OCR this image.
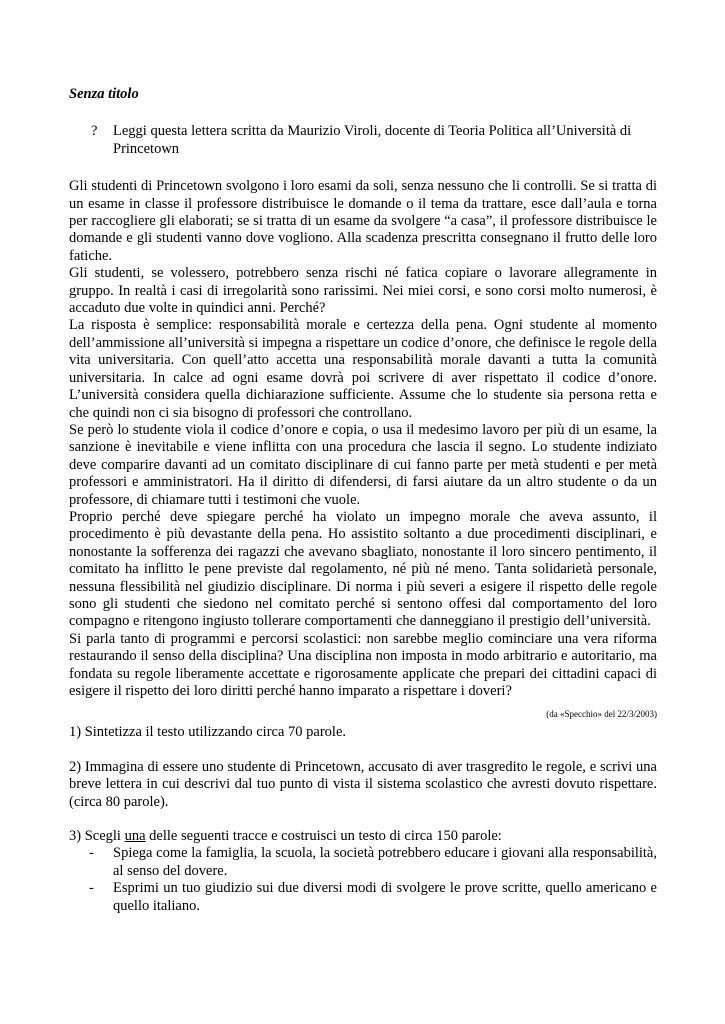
Senza titolo
?	Leggi questa lettera scritta da Maurizio Viroli, docente di Teoria Politica all’Università di Princetown

Gli studenti di Princetown svolgono i loro esami da soli, senza nessuno che li controlli. Se si tratta di un esame in classe il professore distribuisce le domande o il tema da trattare, esce dall’aula e torna per raccogliere gli elaborati; se si tratta di un esame da svolgere “a casa”, il professore distribuisce le domande e gli studenti vanno dove vogliono. Alla scadenza prescritta consegnano il frutto delle loro fatiche.

Gli studenti, se volessero, potrebbero senza rischi né fatica copiare o lavorare allegramente in gruppo. In realtà i casi di irregolarità sono rarissimi. Nei miei corsi, e sono corsi molto numerosi, è accaduto due volte in quindici anni. Perché?

La risposta è semplice: responsabilità morale e certezza della pena. Ogni studente al momento dell’ammissione all’università si impegna a rispettare un codice d’onore, che definisce le regole della vita universitaria. Con quell’atto accetta una responsabilità morale davanti a tutta la comunità universitaria. In calce ad ogni esame dovrà poi scrivere di aver rispettato il codice d’onore. L’università considera quella dichiarazione sufficiente. Assume che lo studente sia persona retta e che quindi non ci sia bisogno di professori che controllano.

Se però lo studente viola il codice d’onore e copia, o usa il medesimo lavoro per più di un esame, la sanzione è inevitabile e viene inflitta con una procedura che lascia il segno. Lo studente indiziato deve comparire davanti ad un comitato disciplinare di cui fanno parte per metà studenti e per metà professori e amministratori. Ha il diritto di difendersi, di farsi aiutare da un altro studente o da un professore, di chiamare tutti i testimoni che vuole.

Proprio perché deve spiegare perché ha violato un impegno morale che aveva assunto, il procedimento è più devastante della pena. Ho assistito soltanto a due procedimenti disciplinari, e nonostante la sofferenza dei ragazzi che avevano sbagliato, nonostante il loro sincero pentimento, il comitato ha inflitto le pene previste dal regolamento, né più né meno. Tanta solidarietà personale, nessuna flessibilità nel giudizio disciplinare. Di norma i più severi a esigere il rispetto delle regole sono gli studenti che siedono nel comitato perché si sentono offesi dal comportamento del loro compagno e ritengono ingiusto tollerare comportamenti che danneggiano il prestigio dell’università.

Si parla tanto di programmi e percorsi scolastici: non sarebbe meglio cominciare una vera riforma restaurando il senso della disciplina? Una disciplina non imposta in modo arbitrario e autoritario, ma fondata su regole liberamente accettate e rigorosamente applicate che prepari dei cittadini capaci di esigere il rispetto dei loro diritti perché hanno imparato a rispettare i doveri?

(da «Specchio» del 22/3/2003)
1) Sintetizza il testo utilizzando circa 70 parole.
2) Immagina di essere uno studente di Princetown, accusato di aver trasgredito le regole, e scrivi una breve lettera in cui descrivi dal tuo punto di vista il sistema scolastico che avresti dovuto rispettare. (circa 80 parole).
3) Scegli una delle seguenti tracce e costruisci un testo di circa 150 parole:
-	Spiega come la famiglia, la scuola, la società potrebbero educare i giovani alla responsabilità, al senso del dovere.
-	Esprimi un tuo giudizio sui due diversi modi di svolgere le prove scritte, quello americano e quello italiano.
